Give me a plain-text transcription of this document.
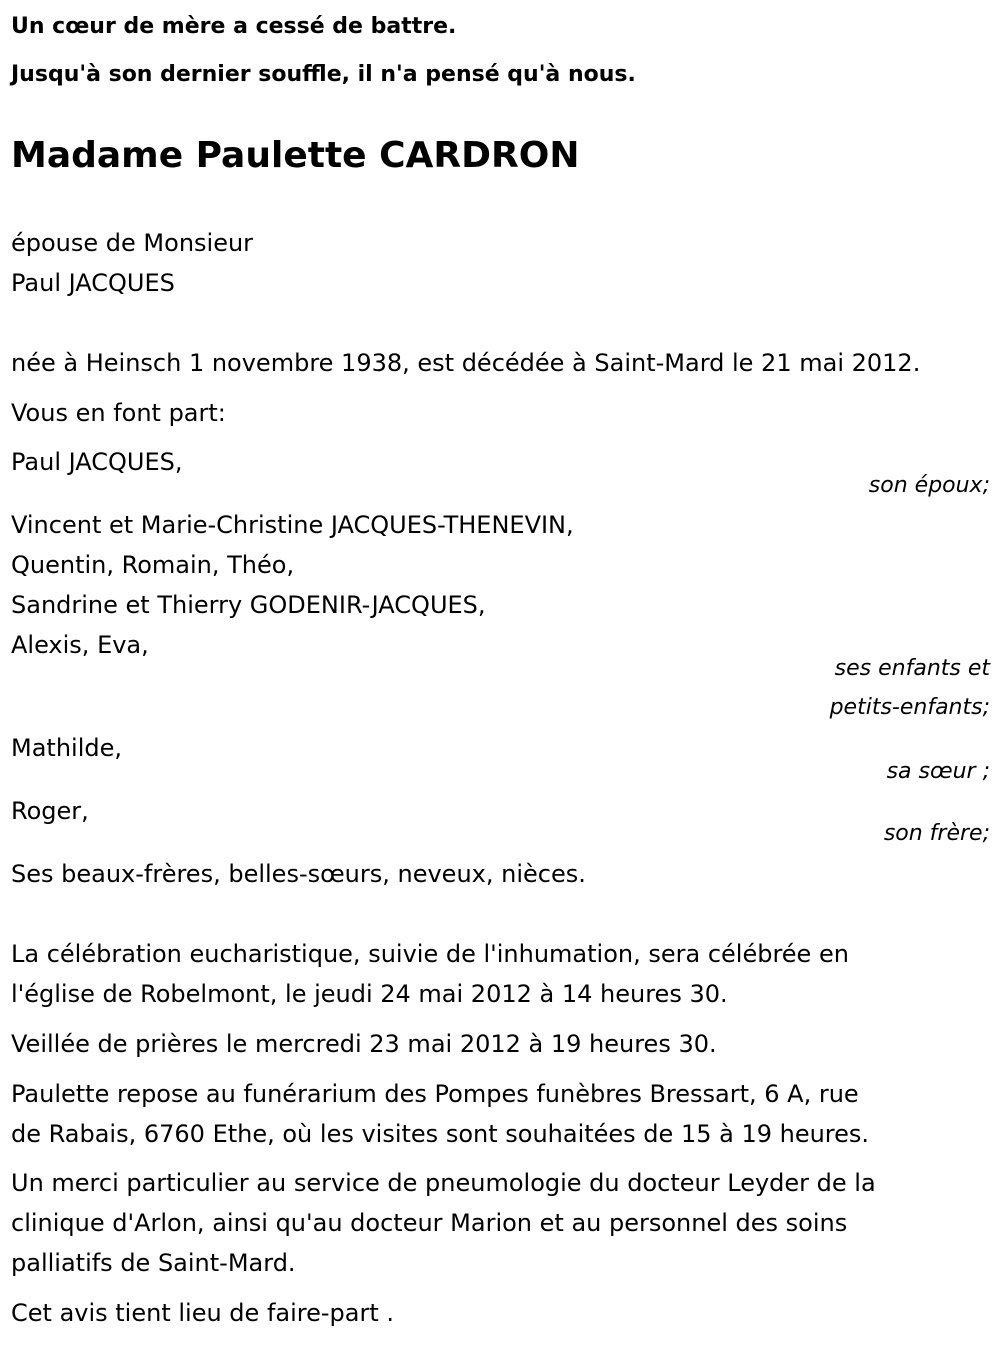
Un cœur de mère a cessé de battre.
Jusqu'à son dernier souffle, il n'a pensé qu'à nous.
Madame Paulette CARDRON
épouse de Monsieur
Paul JACQUES
née à Heinsch 1 novembre 1938, est décédée à Saint-Mard le 21 mai 2012.
Vous en font part:
Paul JACQUES,
son époux;
Vincent et Marie-Christine JACQUES-THENEVIN,
Quentin, Romain, Théo,
Sandrine et Thierry GODENIR-JACQUES,
Alexis, Eva,
ses enfants et
petits-enfants;
Mathilde,
sa sœur ;
Roger,
son frère;
Ses beaux-frères, belles-sœurs, neveux, nièces.
La célébration eucharistique, suivie de l'inhumation, sera célébrée en
l'église de Robelmont, le jeudi 24 mai 2012 à 14 heures 30.
Veillée de prières le mercredi 23 mai 2012 à 19 heures 30.
Paulette repose au funérarium des Pompes funèbres Bressart, 6 A, rue
de Rabais, 6760 Ethe, où les visites sont souhaitées de 15 à 19 heures.
Un merci particulier au service de pneumologie du docteur Leyder de la
clinique d'Arlon, ainsi qu'au docteur Marion et au personnel des soins
palliatifs de Saint-Mard.
Cet avis tient lieu de faire-part .
